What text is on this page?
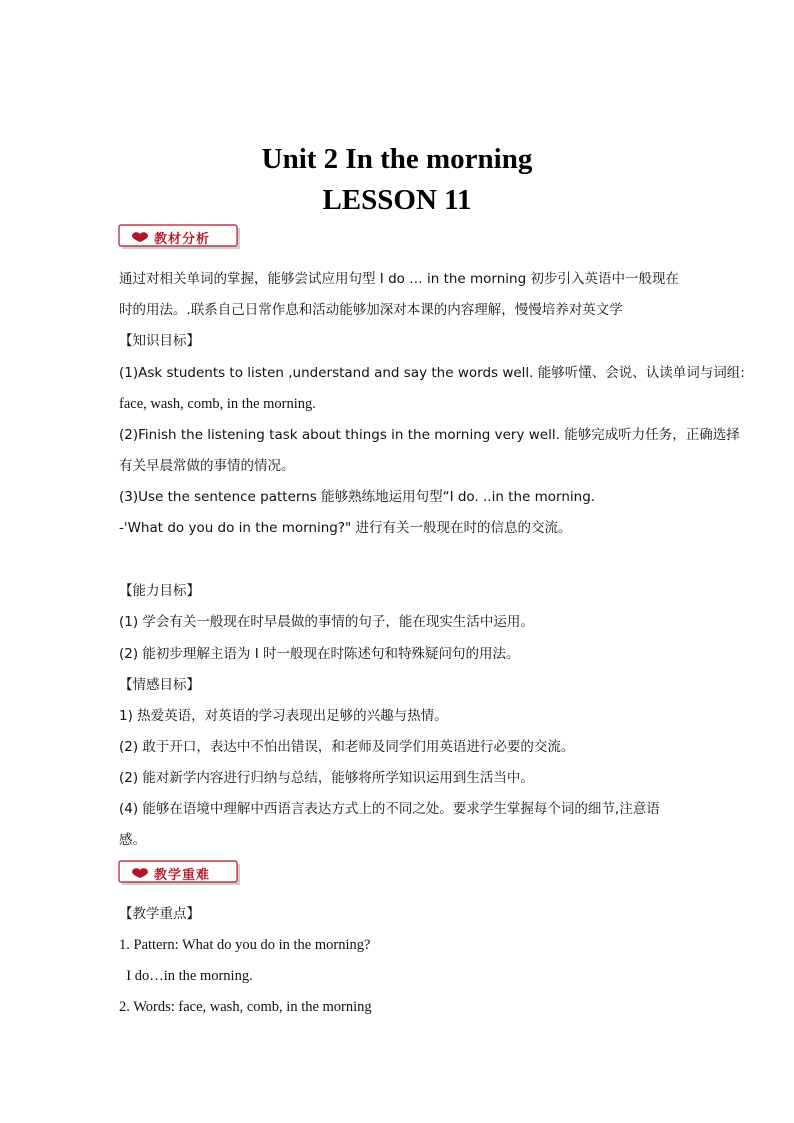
Unit 2 In the morning
LESSON 11
教材分析
通过对相关单词的掌握，能够尝试应用句型 I do … in the morning 初步引入英语中一般现在
时的用法。.联系自己日常作息和活动能够加深对本课的内容理解，慢慢培养对英文学
【知识目标】
(1)Ask students to listen ,understand and say the words well. 能够听懂、会说、认读单词与词组:
face, wash, comb, in the morning.
(2)Finish the listening task about things in the morning very well. 能够完成听力任务，正确选择
有关早晨常做的事情的情况。
(3)Use the sentence patterns 能够熟练地运用句型“I do. ..in the morning.
-'What do you do in the morning?" 进行有关一般现在时的信息的交流。
【能力目标】
(1) 学会有关一般现在时早晨做的事情的句子，能在现实生活中运用。
(2) 能初步理解主语为 I 时一般现在时陈述句和特殊疑问句的用法。
【情感目标】
1) 热爱英语，对英语的学习表现出足够的兴趣与热情。
(2) 敢于开口，表达中不怕出错误，和老师及同学们用英语进行必要的交流。
(2) 能对新学内容进行归纳与总结，能够将所学知识运用到生活当中。
(4) 能够在语境中理解中西语言表达方式上的不同之处。要求学生掌握每个词的细节,注意语
感。
教学重难
【教学重点】
1. Pattern: What do you do in the morning?
I do…in the morning.
2. Words: face, wash, comb, in the morning
